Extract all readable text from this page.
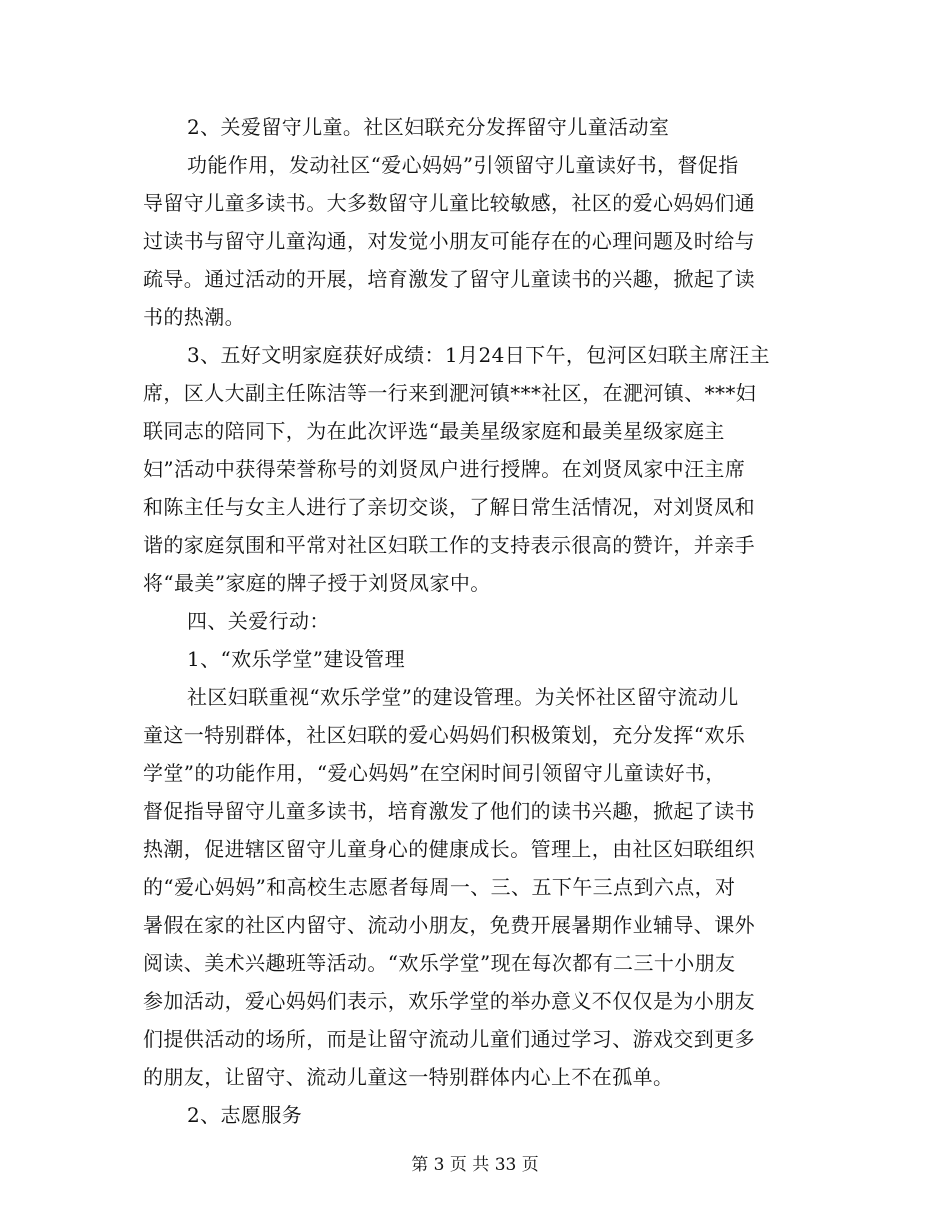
2、关爱留守儿童。社区妇联充分发挥留守儿童活动室
功能作用，发动社区“爱心妈妈”引领留守儿童读好书，督促指
导留守儿童多读书。大多数留守儿童比较敏感，社区的爱心妈妈们通
过读书与留守儿童沟通，对发觉小朋友可能存在的心理问题及时给与
疏导。通过活动的开展，培育激发了留守儿童读书的兴趣，掀起了读
书的热潮。
3、五好文明家庭获好成绩：1月24日下午，包河区妇联主席汪主
席，区人大副主任陈洁等一行来到淝河镇***社区，在淝河镇、***妇
联同志的陪同下，为在此次评选“最美星级家庭和最美星级家庭主
妇”活动中获得荣誉称号的刘贤凤户进行授牌。在刘贤凤家中汪主席
和陈主任与女主人进行了亲切交谈，了解日常生活情况，对刘贤凤和
谐的家庭氛围和平常对社区妇联工作的支持表示很高的赞许，并亲手
将“最美”家庭的牌子授于刘贤凤家中。
四、关爱行动：
1、“欢乐学堂”建设管理
社区妇联重视“欢乐学堂”的建设管理。为关怀社区留守流动儿
童这一特别群体，社区妇联的爱心妈妈们积极策划，充分发挥“欢乐
学堂”的功能作用，“爱心妈妈”在空闲时间引领留守儿童读好书，
督促指导留守儿童多读书，培育激发了他们的读书兴趣，掀起了读书
热潮，促进辖区留守儿童身心的健康成长。管理上，由社区妇联组织
的“爱心妈妈”和高校生志愿者每周一、三、五下午三点到六点，对
暑假在家的社区内留守、流动小朋友，免费开展暑期作业辅导、课外
阅读、美术兴趣班等活动。“欢乐学堂”现在每次都有二三十小朋友
参加活动，爱心妈妈们表示，欢乐学堂的举办意义不仅仅是为小朋友
们提供活动的场所，而是让留守流动儿童们通过学习、游戏交到更多
的朋友，让留守、流动儿童这一特别群体内心上不在孤单。
2、志愿服务
第 3 页 共 33 页
